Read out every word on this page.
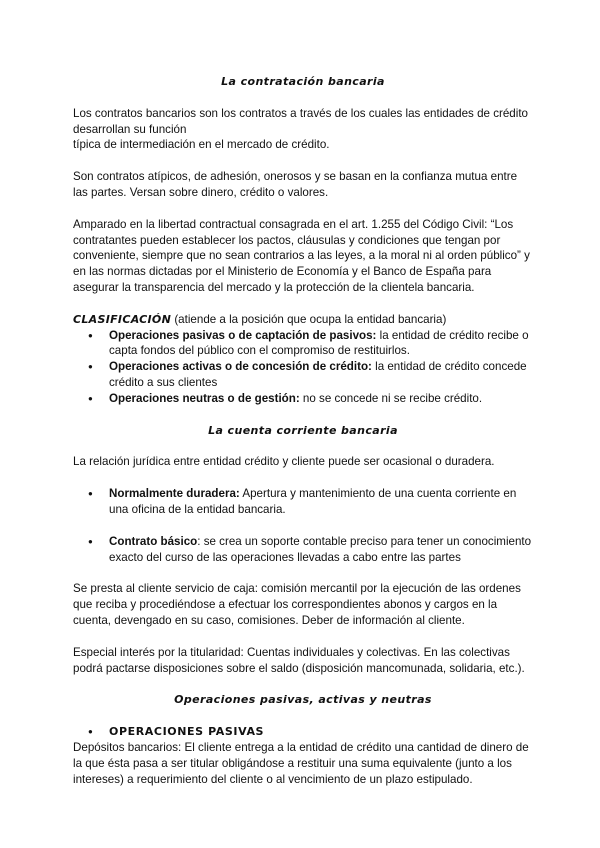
La contratación bancaria

Los contratos bancarios son los contratos a través de los cuales las entidades de crédito desarrollan su función

típica de intermediación en el mercado de crédito.

Son contratos atípicos, de adhesión, onerosos y se basan en la confianza mutua entre las partes. Versan sobre dinero, crédito o valores.

Amparado en la libertad contractual consagrada en el art. 1.255 del Código Civil: “Los contratantes pueden establecer los pactos, cláusulas y condiciones que tengan por conveniente, siempre que no sean contrarios a las leyes, a la moral ni al orden público” y en las normas dictadas por el Ministerio de Economía y el Banco de España para asegurar la transparencia del mercado y la protección de la clientela bancaria.

CLASIFICACIÓN (atiende a la posición que ocupa la entidad bancaria)

● Operaciones pasivas o de captación de pasivos: la entidad de crédito recibe o capta fondos del público con el compromiso de restituirlos.
● Operaciones activas o de concesión de crédito: la entidad de crédito concede crédito a sus clientes
● Operaciones neutras o de gestión: no se concede ni se recibe crédito.

La cuenta corriente bancaria

La relación jurídica entre entidad crédito y cliente puede ser ocasional o duradera.

● Normalmente duradera: Apertura y mantenimiento de una cuenta corriente en una oficina de la entidad bancaria.
● Contrato básico: se crea un soporte contable preciso para tener un conocimiento exacto del curso de las operaciones llevadas a cabo entre las partes

Se presta al cliente servicio de caja: comisión mercantil por la ejecución de las ordenes que reciba y procediéndose a efectuar los correspondientes abonos y cargos en la cuenta, devengado en su caso, comisiones. Deber de información al cliente.

Especial interés por la titularidad: Cuentas individuales y colectivas. En las colectivas podrá pactarse disposiciones sobre el saldo (disposición mancomunada, solidaria, etc.).

Operaciones pasivas, activas y neutras

● OPERACIONES PASIVAS

Depósitos bancarios: El cliente entrega a la entidad de crédito una cantidad de dinero de la que ésta pasa a ser titular obligándose a restituir una suma equivalente (junto a los intereses) a requerimiento del cliente o al vencimiento de un plazo estipulado.
